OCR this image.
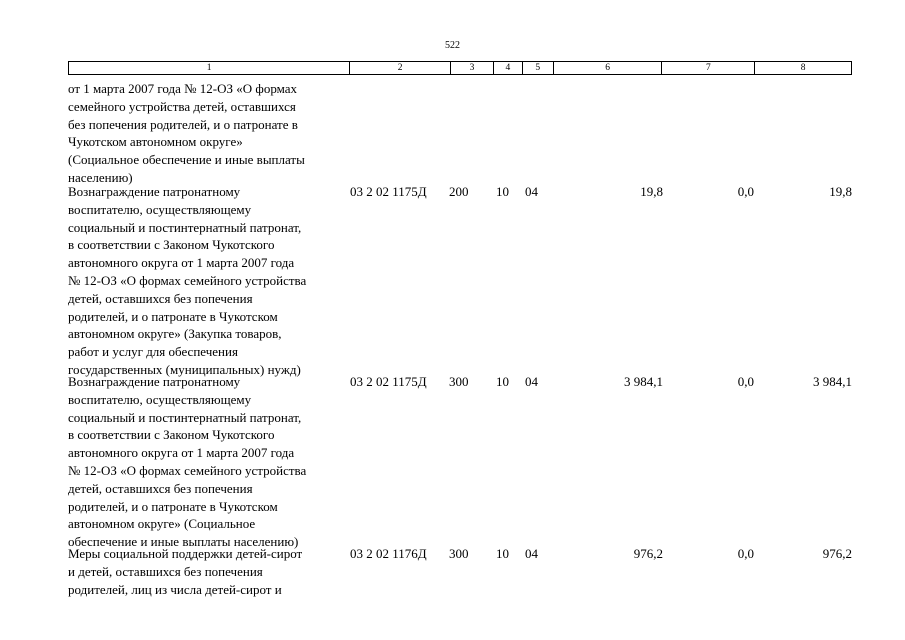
522
1	2	3	4	5	6	7	8
от 1 марта 2007 года № 12-ОЗ «О формах
семейного устройства детей, оставшихся
без попечения родителей, и о патронате в
Чукотском автономном округе»
(Социальное обеспечение и иные выплаты
населению)
Вознаграждение патронатному
воспитателю, осуществляющему
социальный и постинтернатный патронат,
в соответствии с Законом Чукотского
автономного округа от 1 марта 2007 года
№ 12-ОЗ «О формах семейного устройства
детей, оставшихся без попечения
родителей, и о патронате в Чукотском
автономном округе» (Закупка товаров,
работ и услуг для обеспечения
государственных (муниципальных) нужд)
03 2 02 1175Д	200	10	04	19,8	0,0	19,8
Вознаграждение патронатному
воспитателю, осуществляющему
социальный и постинтернатный патронат,
в соответствии с Законом Чукотского
автономного округа от 1 марта 2007 года
№ 12-ОЗ «О формах семейного устройства
детей, оставшихся без попечения
родителей, и о патронате в Чукотском
автономном округе» (Социальное
обеспечение и иные выплаты населению)
03 2 02 1175Д	300	10	04	3 984,1	0,0	3 984,1
Меры социальной поддержки детей-сирот
и детей, оставшихся без попечения
родителей, лиц из числа детей-сирот и
03 2 02 1176Д	300	10	04	976,2	0,0	976,2
